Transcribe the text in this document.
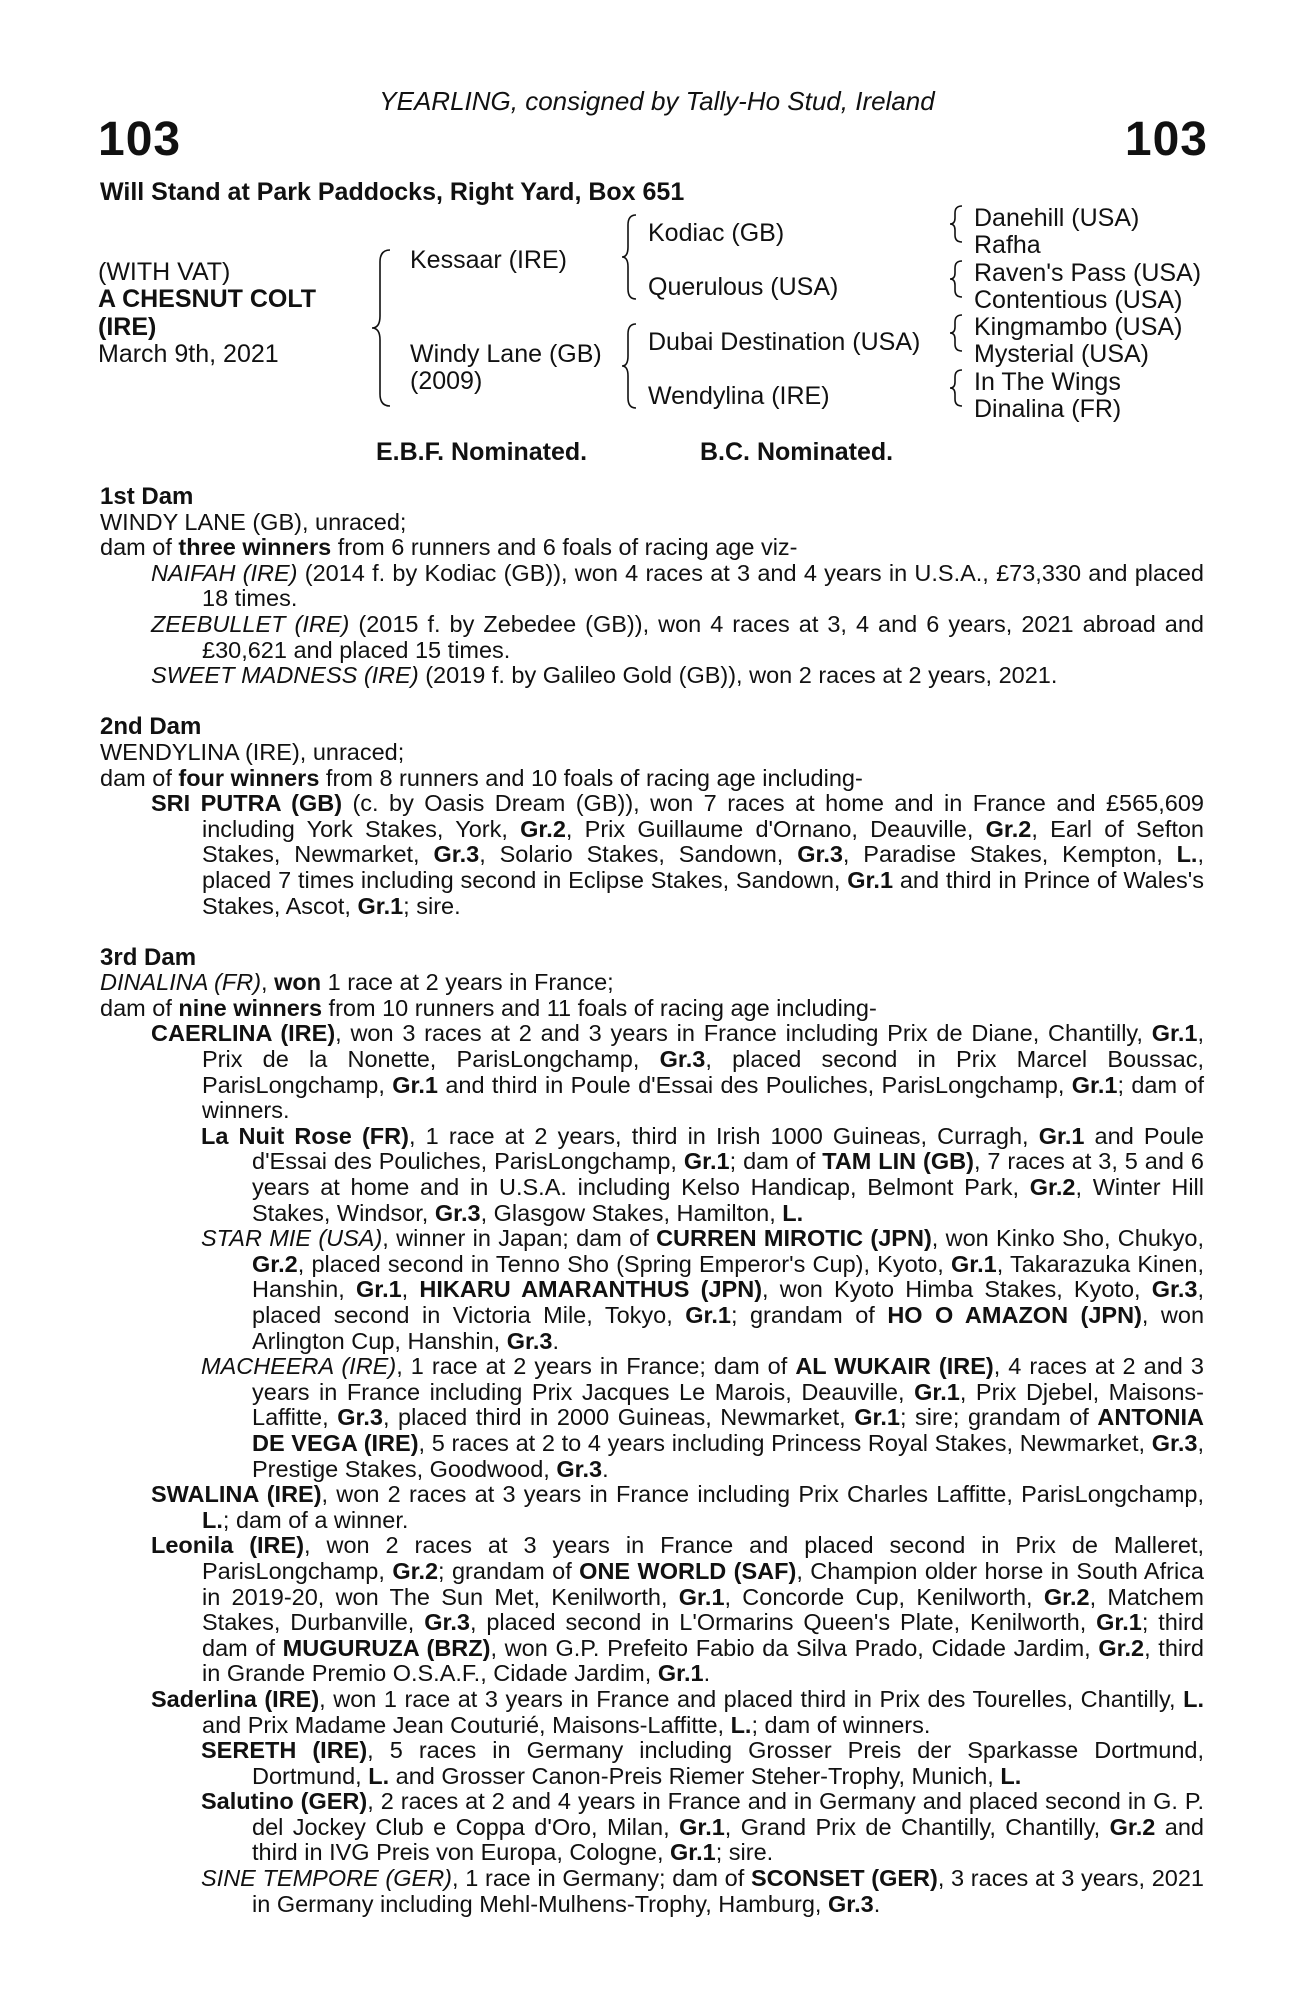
YEARLING, consigned by Tally-Ho Stud, Ireland
103	103
Will Stand at Park Paddocks, Right Yard, Box 651
(WITH VAT)
A CHESNUT COLT
(IRE)
March 9th, 2021
Kessaar (IRE)
Windy Lane (GB)
(2009)
Kodiac (GB)
Querulous (USA)
Dubai Destination (USA)
Wendylina (IRE)
Danehill (USA)
Rafha
Raven's Pass (USA)
Contentious (USA)
Kingmambo (USA)
Mysterial (USA)
In The Wings
Dinalina (FR)
E.B.F. Nominated.	B.C. Nominated.

1st Dam

WINDY LANE (GB), unraced;

dam of three winners from 6 runners and 6 foals of racing age viz-

NAIFAH (IRE) (2014 f. by Kodiac (GB)), won 4 races at 3 and 4 years in U.S.A., £73,330 and placed 18 times.

ZEEBULLET (IRE) (2015 f. by Zebedee (GB)), won 4 races at 3, 4 and 6 years, 2021 abroad and £30,621 and placed 15 times.

SWEET MADNESS (IRE) (2019 f. by Galileo Gold (GB)), won 2 races at 2 years, 2021.

2nd Dam

WENDYLINA (IRE), unraced;

dam of four winners from 8 runners and 10 foals of racing age including-

SRI PUTRA (GB) (c. by Oasis Dream (GB)), won 7 races at home and in France and £565,609 including York Stakes, York, Gr.2, Prix Guillaume d'Ornano, Deauville, Gr.2, Earl of Sefton Stakes, Newmarket, Gr.3, Solario Stakes, Sandown, Gr.3, Paradise Stakes, Kempton, L., placed 7 times including second in Eclipse Stakes, Sandown, Gr.1 and third in Prince of Wales's Stakes, Ascot, Gr.1; sire.

3rd Dam

DINALINA (FR), won 1 race at 2 years in France;

dam of nine winners from 10 runners and 11 foals of racing age including-

CAERLINA (IRE), won 3 races at 2 and 3 years in France including Prix de Diane, Chantilly, Gr.1, Prix de la Nonette, ParisLongchamp, Gr.3, placed second in Prix Marcel Boussac, ParisLongchamp, Gr.1 and third in Poule d'Essai des Pouliches, ParisLongchamp, Gr.1; dam of winners.

La Nuit Rose (FR), 1 race at 2 years, third in Irish 1000 Guineas, Curragh, Gr.1 and Poule d'Essai des Pouliches, ParisLongchamp, Gr.1; dam of TAM LIN (GB), 7 races at 3, 5 and 6 years at home and in U.S.A. including Kelso Handicap, Belmont Park, Gr.2, Winter Hill Stakes, Windsor, Gr.3, Glasgow Stakes, Hamilton, L.

STAR MIE (USA), winner in Japan; dam of CURREN MIROTIC (JPN), won Kinko Sho, Chukyo, Gr.2, placed second in Tenno Sho (Spring Emperor's Cup), Kyoto, Gr.1, Takarazuka Kinen, Hanshin, Gr.1, HIKARU AMARANTHUS (JPN), won Kyoto Himba Stakes, Kyoto, Gr.3, placed second in Victoria Mile, Tokyo, Gr.1; grandam of HO O AMAZON (JPN), won Arlington Cup, Hanshin, Gr.3.

MACHEERA (IRE), 1 race at 2 years in France; dam of AL WUKAIR (IRE), 4 races at 2 and 3 years in France including Prix Jacques Le Marois, Deauville, Gr.1, Prix Djebel, Maisons-Laffitte, Gr.3, placed third in 2000 Guineas, Newmarket, Gr.1; sire; grandam of ANTONIA DE VEGA (IRE), 5 races at 2 to 4 years including Princess Royal Stakes, Newmarket, Gr.3, Prestige Stakes, Goodwood, Gr.3.

SWALINA (IRE), won 2 races at 3 years in France including Prix Charles Laffitte, ParisLongchamp, L.; dam of a winner.

Leonila (IRE), won 2 races at 3 years in France and placed second in Prix de Malleret, ParisLongchamp, Gr.2; grandam of ONE WORLD (SAF), Champion older horse in South Africa in 2019-20, won The Sun Met, Kenilworth, Gr.1, Concorde Cup, Kenilworth, Gr.2, Matchem Stakes, Durbanville, Gr.3, placed second in L'Ormarins Queen's Plate, Kenilworth, Gr.1; third dam of MUGURUZA (BRZ), won G.P. Prefeito Fabio da Silva Prado, Cidade Jardim, Gr.2, third in Grande Premio O.S.A.F., Cidade Jardim, Gr.1.

Saderlina (IRE), won 1 race at 3 years in France and placed third in Prix des Tourelles, Chantilly, L. and Prix Madame Jean Couturié, Maisons-Laffitte, L.; dam of winners.

SERETH (IRE), 5 races in Germany including Grosser Preis der Sparkasse Dortmund, Dortmund, L. and Grosser Canon-Preis Riemer Steher-Trophy, Munich, L.

Salutino (GER), 2 races at 2 and 4 years in France and in Germany and placed second in G. P. del Jockey Club e Coppa d'Oro, Milan, Gr.1, Grand Prix de Chantilly, Chantilly, Gr.2 and third in IVG Preis von Europa, Cologne, Gr.1; sire.

SINE TEMPORE (GER), 1 race in Germany; dam of SCONSET (GER), 3 races at 3 years, 2021 in Germany including Mehl-Mulhens-Trophy, Hamburg, Gr.3.
